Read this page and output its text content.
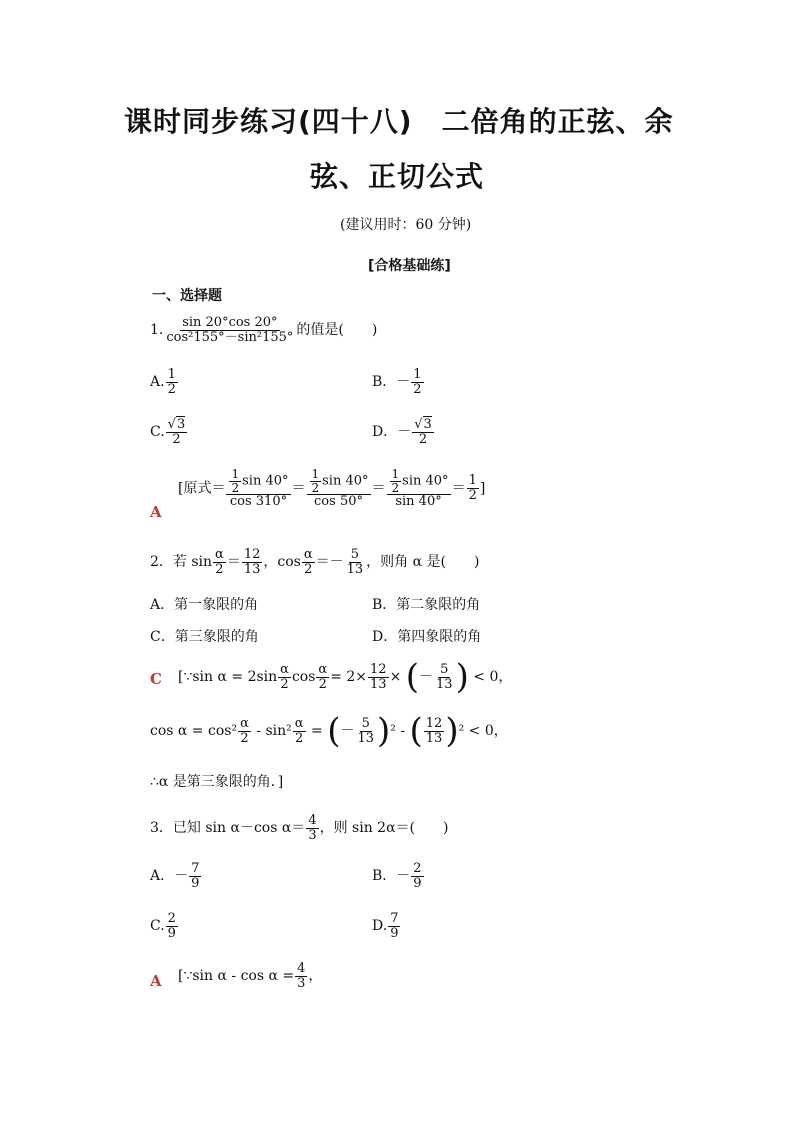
课时同步练习(四十八)　二倍角的正弦、余
弦、正切公式
(建议用时：60 分钟)
[合格基础练]
一、选择题
1. $\frac{\sin 20^\circ\cos 20^\circ}{\text{cos²155°－sin²155°}}$ 的值是(　　)
A. $\frac{1}{2}$	B．－ $\frac{1}{2}$
C. $\frac{√3}{2}$	D．－ $\frac{√3}{2}$
A
[原式＝ $\frac{\frac{1}{2} \sin 40^\circ}{\cos 310^\circ} = \frac{\frac{1}{2} \sin 40^\circ}{\cos 50^\circ} = \frac{\frac{1}{2} \sin 40^\circ}{\sin 40^\circ} = \frac{1}{2}$ ]
2．若 $\sin \frac{\alpha}{2} = \frac{12}{13}$ ，$\cos \frac{\alpha}{2} =- \frac{5}{13}$ ，则角 α 是(　　)
A．第一象限的角	B．第二象限的角
C．第三象限的角	D．第四象限的角
C [∵sin $\alpha = 2\sin \frac{\alpha}{2}$ $\cos \frac{\alpha}{2} = 2\times \frac{12}{13}$ × (－ $\frac{5}{13}$ ) < 0，
$\cos \alpha = \cos^2 \frac{\alpha}{2} - \sin^2 \frac{\alpha}{2}$ = (－ $\frac{5}{13} )^2$ - ( $\frac{12}{13} )^2 < 0$，
∴α 是第三象限的角．]
3．已知 sin α－cos $\alpha= \frac{4}{3}$ ，则 sin 2α＝(　　)
A．－ $\frac{7}{9}$	B．－ $\frac{2}{9}$
C. $\frac{2}{9}$	D. $\frac{7}{9}$
A [∵sin $\alpha - \cos \alpha = \frac{4}{3}$ ，
